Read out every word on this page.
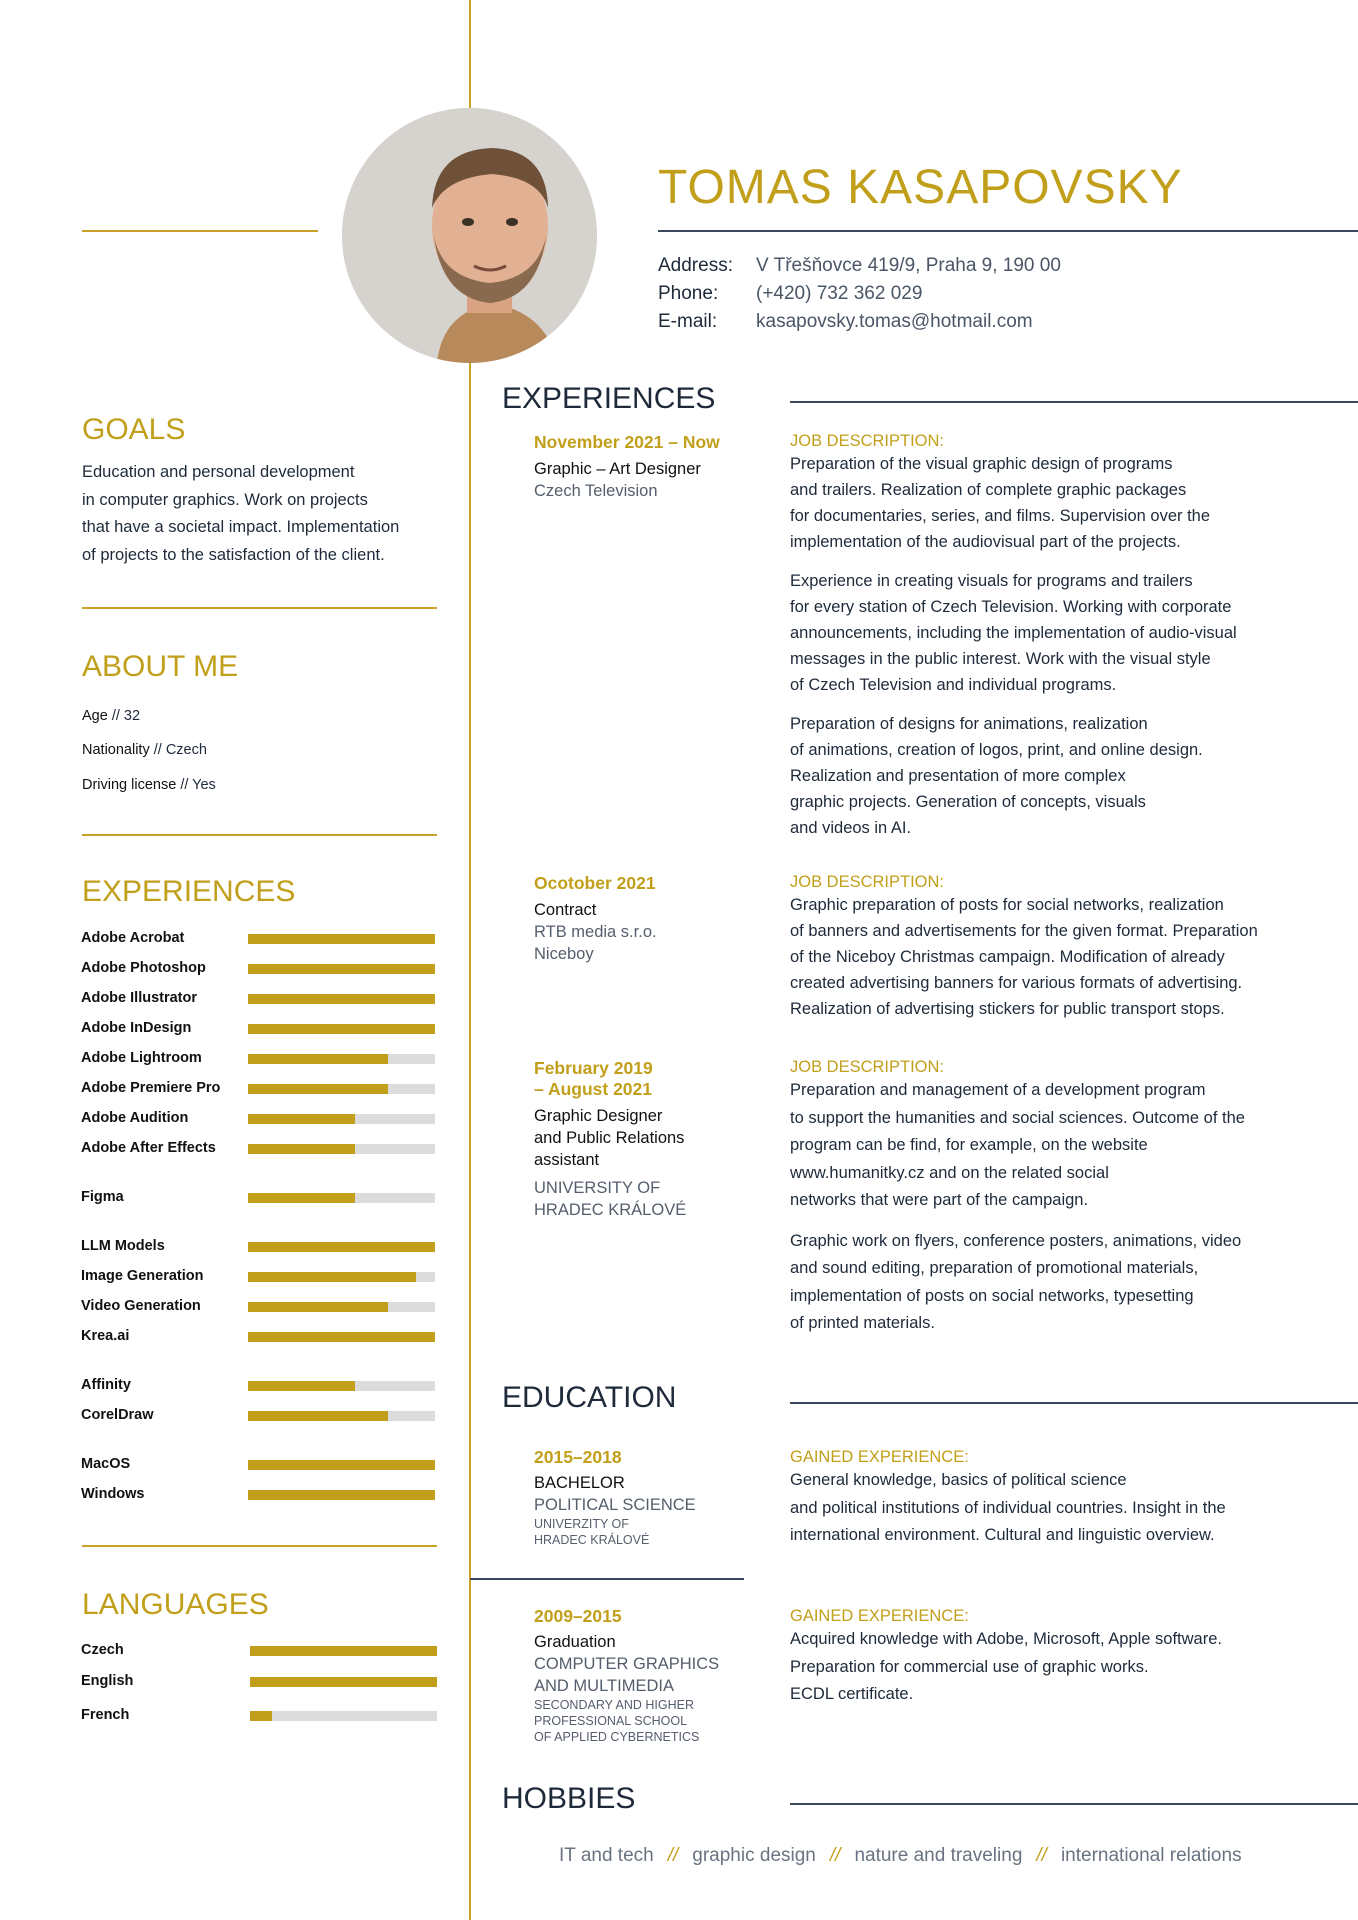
TOMAS KASAPOVSKY
Address:	V Třešňovce 419/9, Praha 9, 190 00
Phone:	(+420) 732 362 029
E-mail:	kasapovsky.tomas@hotmail.com
GOALS
Education and personal development
in computer graphics. Work on projects
that have a societal impact. Implementation
of projects to the satisfaction of the client.
ABOUT ME
Age // 32
Nationality // Czech
Driving license // Yes
EXPERIENCES
Adobe Acrobat
Adobe Photoshop
Adobe Illustrator
Adobe InDesign
Adobe Lightroom
Adobe Premiere Pro
Adobe Audition
Adobe After Effects
Figma
LLM Models
Image Generation
Video Generation
Krea.ai
Affinity
CorelDraw
MacOS
Windows
LANGUAGES
Czech
English
French
EXPERIENCES
November 2021 – Now
Graphic – Art Designer
Czech Television
JOB DESCRIPTION:
Preparation of the visual graphic design of programs
and trailers. Realization of complete graphic packages
for documentaries, series, and films. Supervision over the
implementation of the audiovisual part of the projects.
Experience in creating visuals for programs and trailers
for every station of Czech Television. Working with corporate
announcements, including the implementation of audio-visual
messages in the public interest. Work with the visual style
of Czech Television and individual programs.
Preparation of designs for animations, realization
of animations, creation of logos, print, and online design.
Realization and presentation of more complex
graphic projects. Generation of concepts, visuals
and videos in AI.
Ocotober 2021
Contract
RTB media s.r.o.
Niceboy
JOB DESCRIPTION:
Graphic preparation of posts for social networks, realization
of banners and advertisements for the given format. Preparation
of the Niceboy Christmas campaign. Modification of already
created advertising banners for various formats of advertising.
Realization of advertising stickers for public transport stops.
February 2019
– August 2021
Graphic Designer
and Public Relations
assistant
UNIVERSITY OF
HRADEC KRÁLOVÉ
JOB DESCRIPTION:
Preparation and management of a development program
to support the humanities and social sciences. Outcome of the
program can be find, for example, on the website
www.humanitky.cz and on the related social
networks that were part of the campaign.
Graphic work on flyers, conference posters, animations, video
and sound editing, preparation of promotional materials,
implementation of posts on social networks, typesetting
of printed materials.
EDUCATION
2015–2018
BACHELOR
POLITICAL SCIENCE
UNIVERZITY OF
HRADEC KRÁLOVÉ
GAINED EXPERIENCE:
General knowledge, basics of political science
and political institutions of individual countries. Insight in the
international environment. Cultural and linguistic overview.
2009–2015
Graduation
COMPUTER GRAPHICS
AND MULTIMEDIA
SECONDARY AND HIGHER
PROFESSIONAL SCHOOL
OF APPLIED CYBERNETICS
GAINED EXPERIENCE:
Acquired knowledge with Adobe, Microsoft, Apple software.
Preparation for commercial use of graphic works.
ECDL certificate.
HOBBIES
IT and tech // graphic design // nature and traveling // international relations
